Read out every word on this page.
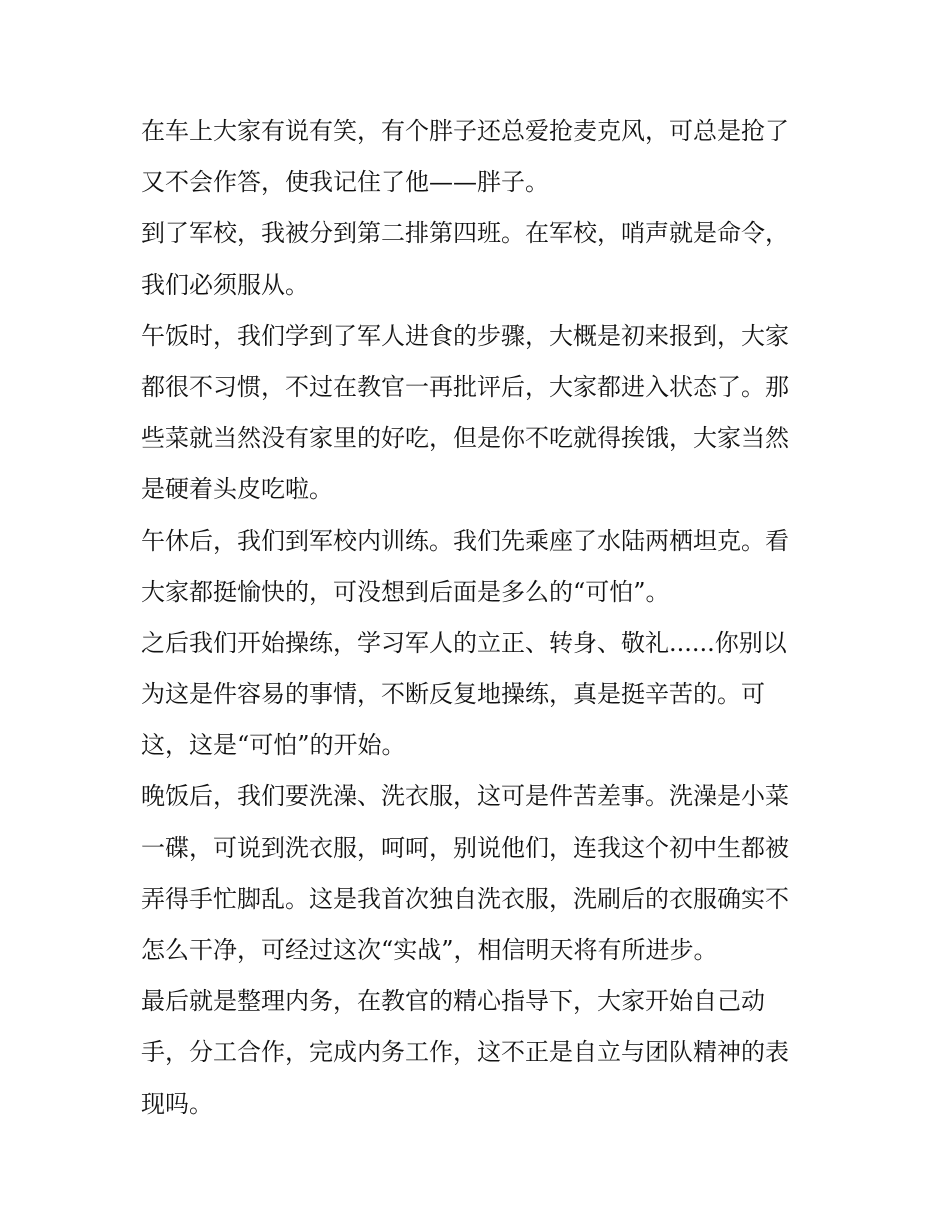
在车上大家有说有笑，有个胖子还总爱抢麦克风，可总是抢了
又不会作答，使我记住了他——胖子。
到了军校，我被分到第二排第四班。在军校，哨声就是命令，
我们必须服从。
午饭时，我们学到了军人进食的步骤，大概是初来报到，大家
都很不习惯，不过在教官一再批评后，大家都进入状态了。那
些菜就当然没有家里的好吃，但是你不吃就得挨饿，大家当然
是硬着头皮吃啦。
午休后，我们到军校内训练。我们先乘座了水陆两栖坦克。看
大家都挺愉快的，可没想到后面是多么的“可怕”。
之后我们开始操练，学习军人的立正、转身、敬礼......你别以
为这是件容易的事情，不断反复地操练，真是挺辛苦的。可
这，这是“可怕”的开始。
晚饭后，我们要洗澡、洗衣服，这可是件苦差事。洗澡是小菜
一碟，可说到洗衣服，呵呵，别说他们，连我这个初中生都被
弄得手忙脚乱。这是我首次独自洗衣服，洗刷后的衣服确实不
怎么干净，可经过这次“实战”，相信明天将有所进步。
最后就是整理内务，在教官的精心指导下，大家开始自己动
手，分工合作，完成内务工作，这不正是自立与团队精神的表
现吗。
